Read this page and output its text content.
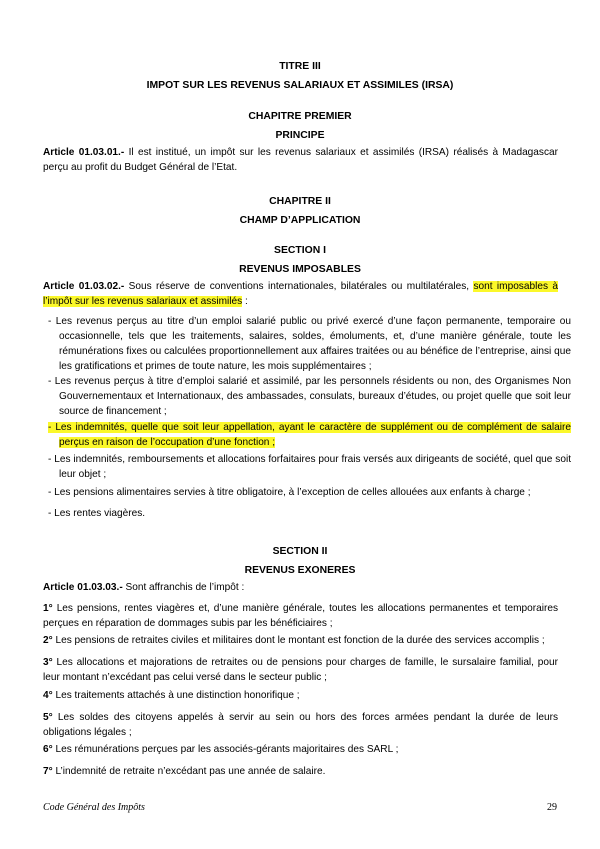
TITRE III
IMPOT SUR LES REVENUS SALARIAUX ET ASSIMILES (IRSA)
CHAPITRE PREMIER
PRINCIPE
Article 01.03.01.- Il est institué, un impôt sur les revenus salariaux et assimilés (IRSA) réalisés à Madagascar perçu au profit du Budget Général de l’Etat.
CHAPITRE II
CHAMP D’APPLICATION
SECTION I
REVENUS IMPOSABLES
Article 01.03.02.- Sous réserve de conventions internationales, bilatérales ou multilatérales, sont imposables à l’impôt sur les revenus salariaux et assimilés :
- Les revenus perçus au titre d’un emploi salarié public ou privé exercé d’une façon permanente, temporaire ou occasionnelle, tels que les traitements, salaires, soldes, émoluments, et, d’une manière générale, toute les rémunérations fixes ou calculées proportionnellement aux affaires traitées ou au bénéfice de l’entreprise, ainsi que les gratifications et primes de toute nature, les mois supplémentaires ;
- Les revenus perçus à titre d’emploi salarié et assimilé, par les personnels résidents ou non, des Organismes Non Gouvernementaux et Internationaux, des ambassades, consulats, bureaux d’études, ou projet quelle que soit leur source de financement ;
- Les indemnités, quelle que soit leur appellation, ayant le caractère de supplément ou de complément de salaire perçus en raison de l’occupation d’une fonction ;
- Les indemnités, remboursements et allocations forfaitaires pour frais versés aux dirigeants de société, quel que soit leur objet ;
- Les pensions alimentaires servies à titre obligatoire, à l’exception de celles allouées aux enfants à charge ;
- Les rentes viagères.
SECTION II
REVENUS EXONERES
Article 01.03.03.- Sont affranchis de l’impôt :
1° Les pensions, rentes viagères et, d’une manière générale, toutes les allocations permanentes et temporaires perçues en réparation de dommages subis par les bénéficiaires ;
2° Les pensions de retraites civiles et militaires dont le montant est fonction de la durée des services accomplis ;
3° Les allocations et majorations de retraites ou de pensions pour charges de famille, le sursalaire familial, pour leur montant n’excédant pas celui versé dans le secteur public ;
4° Les traitements attachés à une distinction honorifique ;
5° Les soldes des citoyens appelés à servir au sein ou hors des forces armées pendant la durée de leurs obligations légales ;
6° Les rémunérations perçues par les associés-gérants majoritaires des SARL ;
7° L’indemnité de retraite n’excédant pas une année de salaire.
Code Général des Impôts	29
